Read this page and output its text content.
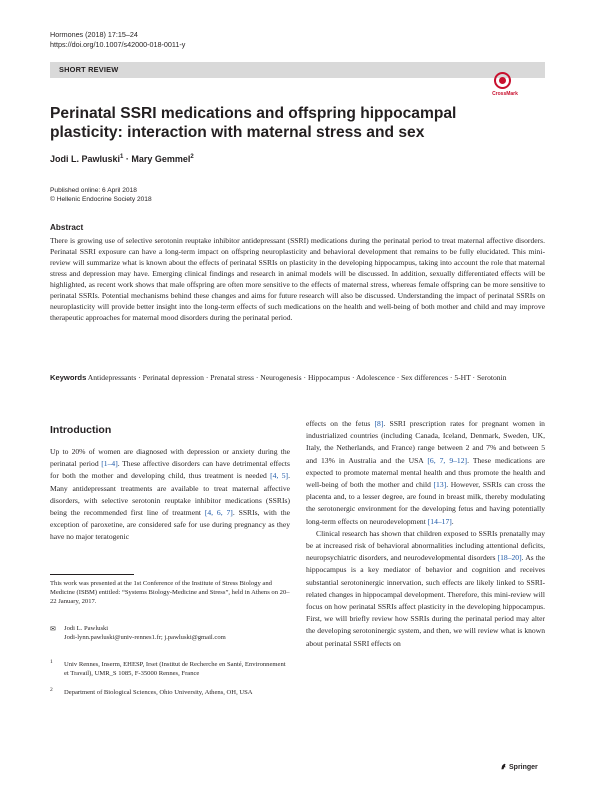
Hormones (2018) 17:15–24
https://doi.org/10.1007/s42000-018-0011-y
SHORT REVIEW
CrossMark
Perinatal SSRI medications and offspring hippocampal plasticity: interaction with maternal stress and sex
Jodi L. Pawluski$^1$ · Mary Gemmel$^2$
Published online: 6 April 2018
© Hellenic Endocrine Society 2018
Abstract
There is growing use of selective serotonin reuptake inhibitor antidepressant (SSRI) medications during the perinatal period to treat maternal affective disorders. Perinatal SSRI exposure can have a long-term impact on offspring neuroplasticity and behavioral development that remains to be fully elucidated. This mini-review will summarize what is known about the effects of perinatal SSRIs on plasticity in the developing hippocampus, taking into account the role that maternal stress and depression may have. Emerging clinical findings and research in animal models will be discussed. In addition, sexually differentiated effects will be highlighted, as recent work shows that male offspring are often more sensitive to the effects of maternal stress, whereas female offspring can be more sensitive to perinatal SSRIs. Potential mechanisms behind these changes and aims for future research will also be discussed. Understanding the impact of perinatal SSRIs on neuroplasticity will provide better insight into the long-term effects of such medications on the health and well-being of both mother and child and may improve therapeutic approaches for maternal mood disorders during the perinatal period.
Keywords Antidepressants · Perinatal depression · Prenatal stress · Neurogenesis · Hippocampus · Adolescence · Sex differences · 5-HT · Serotonin
Introduction

Up to 20% of women are diagnosed with depression or anxiety during the perinatal period [1–4]. These affective disorders can have detrimental effects for both the mother and developing child, thus treatment is needed [4, 5]. Many antidepressant treatments are available to treat maternal affective disorders, with selective serotonin reuptake inhibitor medications (SSRIs) being the recommended first line of treatment [4, 6, 7]. SSRIs, with the exception of paroxetine, are considered safe for use during pregnancy as they have no major teratogenic

effects on the fetus [8]. SSRI prescription rates for pregnant women in industrialized countries (including Canada, Iceland, Denmark, Sweden, UK, Italy, the Netherlands, and France) range between 2 and 7% and between 5 and 13% in Australia and the USA [6, 7, 9–12]. These medications are expected to promote maternal mental health and thus promote the health and well-being of both the mother and child [13]. However, SSRIs can cross the placenta and, to a lesser degree, are found in breast milk, thereby modulating the serotonergic environment for the developing fetus and having potentially long-term effects on neurodevelopment [14–17].

Clinical research has shown that children exposed to SSRIs prenatally may be at increased risk of behavioral abnormalities including attentional deficits, neuropsychiatric disorders, and neurodevelopmental disorders [18–20]. As the hippocampus is a key mediator of behavior and cognition and receives substantial serotoninergic innervation, such effects are likely linked to SSRI-related changes in hippocampal development. Therefore, this mini-review will focus on how perinatal SSRIs affect plasticity in the developing hippocampus. First, we will briefly review how SSRIs during the perinatal period may alter the developing serotoninergic system, and then, we will review what is known about perinatal SSRI effects on

This work was presented at the 1st Conference of the Institute of Stress Biology and Medicine (ISBM) entitled: “Systems Biology-Medicine and Stress”, held in Athens on 20–22 January, 2017.
✉ Jodi L. Pawluski
Jodi-lynn.pawluski@univ-rennes1.fr; j.pawluski@gmail.com
1 Univ Rennes, Inserm, EHESP, Irset (Institut de Recherche en Santé, Environnement et Travail), UMR_S 1085, F-35000 Rennes, France
2 Department of Biological Sciences, Ohio University, Athens, OH, USA
Springer
